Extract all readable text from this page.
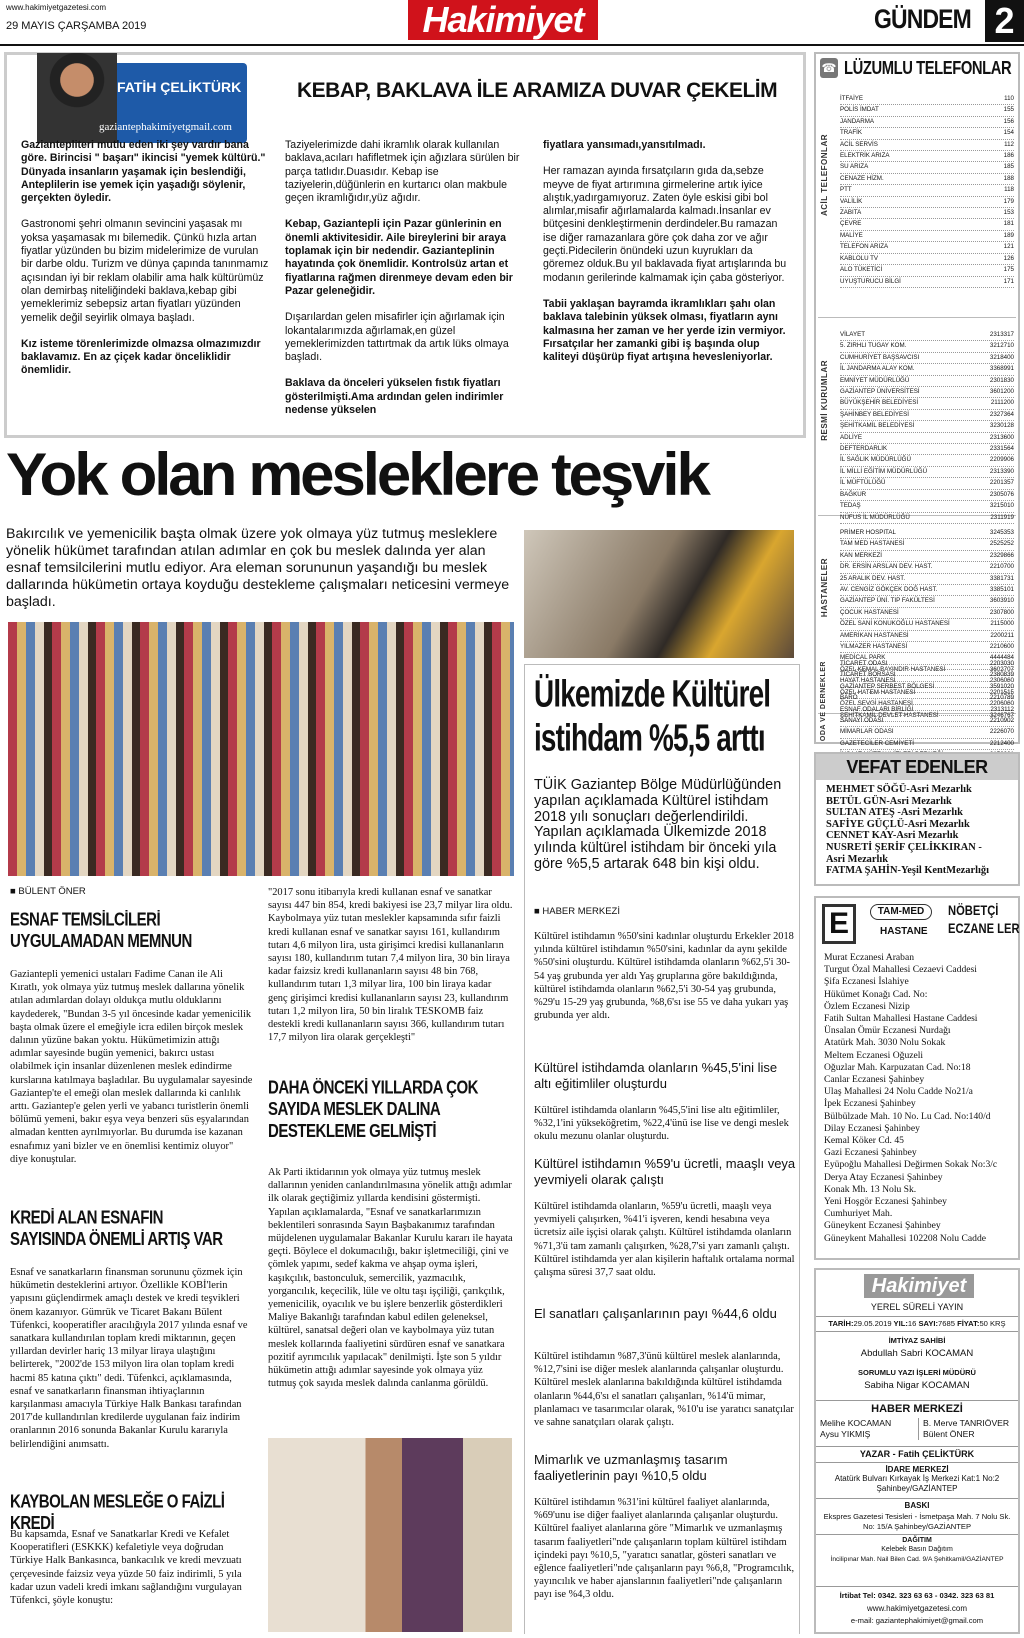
www.hakimiyetgazetesi.com
29 MAYIS ÇARŞAMBA 2019	Hakimiyet	GÜNDEM 2
FATİH ÇELİKTÜRK
gaziantephakimiyetgmail.com
KEBAP, BAKLAVA İLE ARAMIZA DUVAR ÇEKELİM

Gaziantepliteri mutlu eden iki şey vardır bana göre. Birincisi " başarı" ikincisi "yemek kültürü." Dünyada insanların yaşamak için beslendiği, Anteplilerin ise yemek için yaşadığı söylenir, gerçekten öyledir.

Gastronomi şehri olmanın sevincini yaşasak mı yoksa yaşamasak mı bilemedik. Çünkü hızla artan fiyatlar yüzünden bu bizim midelerimize de vurulan bir darbe oldu. Turizm ve dünya çapında tanınmamız açısından iyi bir reklam olabilir ama halk kültürümüz olan demirbaş niteliğindeki baklava,kebap gibi yemeklerimiz sebepsiz artan fiyatları yüzünden yemelik değil seyirlik olmaya başladı.

Kız isteme törenlerimizde olmazsa olmazımızdır baklavamız. En az çiçek kadar öncelikli​dir önemlidir.

Taziyelerimizde dahi ikramlık olarak kullanılan baklava,acıları hafifletmek için ağızlara sürülen bir parça tatlıdır.Duasıdır. Kebap ise taziyelerin,düğünlerin en kurtarıcı olan makbule geçen ikramlığıdır,yüz ağıdır.

Kebap, Gaziantepli için Pazar günlerinin en önemli aktivitesidir. Aile bireylerini bir araya toplamak için bir nedendir. Gaziantepli​nin hayatında çok önemlidir. Kontrolsüz artan et fiyatlarına rağmen direnmeye devam eden bir Pazar geleneğidir.

Dışarılardan gelen misafirler için ağırlamak için lokantalarımızda ağırlamak,en güzel yemeklerimizden tattırtmak da artık lüks olmaya başladı.

Baklava da önceleri yükselen fıstık fiyatları gösterilmişti.Ama ardından gelen indirimler nedense yükselen

fiyatlara yansımadı,yansıtılmadı.

Her ramazan ayında fırsatçıların gıda da,sebze meyve de fiyat artırımına girmelerine artık iyice alıştık,yadırgamıyoruz. Zaten öyle eskisi gibi bol alımlar,misafir ağırlamalarda kalmadı.İnsanlar ev bütçesini denkleştirmenin derdindeler.Bu ramazan ise diğer ramazanlara göre çok daha zor ve ağır geçti.Pidecilerin önündeki uzun kuyrukları da göremez olduk.Bu yıl baklavada fiyat artışlarında bu modanın gerilerinde kalmamak için çaba gösteriyor.

Tabii yaklaşan bayramda ikramlıkları şahı olan baklava talebinin yüksek olması, fiyatların aynı kalmasına her zaman ve her yerde izin vermiyor. Fırsatçılar her zamanki gibi iş başında olup kaliteyi düşürüp fiyat artışına heveslen​iyorlar.

Yok olan mesleklere teşvik
Bakırcılık ve yemenicilik başta olmak üzere yok olmaya yüz tutmuş mesleklere yönelik hükümet tarafından atılan adımlar en çok bu meslek dalında yer alan esnaf temsilcilerini mutlu ediyor. Ara eleman sorununun yaşandığı bu meslek dallarında hükümetin ortaya koyduğu destekleme çalışmaları neticesini vermeye başladı.
■ BÜLENT ÖNER
ESNAF TEMSİLCİLERİ UYGULAMADAN MEMNUN
Gaziantepli yemenici ustaları Fadime Canan ile Ali Kıratlı, yok olmaya yüz tutmuş meslek dallarına yönelik atılan adımlardan dolayı oldukça mutlu olduklarını kaydederek, "Bundan 3-5 yıl öncesinde kadar yemenicilik başta olmak üzere el emeğiyle icra edilen birçok meslek dalının yüzüne bakan yoktu. Hükümetimizin attığı adımlar sayesinde bugün yemenici, bakırcı ustası olabilmek için insanlar düzenlenen meslek edindirme kurslarına katılmaya başladılar. Bu uygulamalar sayesinde Gaziantep'te el emeği olan meslek dallarında ki canlılık arttı. Gaziantep'e gelen yerli ve yabancı turistlerin önemli bölümü yemeni, bakır eşya veya benzeri süs eşyalarından almadan kentten ayrılmıyorlar. Bu durumda ise kazanan esnafımız yani bizler ve en önemlisi kentimiz oluyor" diye konuştular.
KREDİ ALAN ESNAFIN SAYISINDA ÖNEMLİ ARTIŞ VAR
Esnaf ve sanatkarların finansman sorununu çözmek için hükümetin desteklerini artıyor. Özellikle KOBİ'lerin yapısını güçlendirmek amaçlı destek ve kredi teşvikleri önem kazanıyor. Gümrük ve Ticaret Bakanı Bülent Tüfenkci, kooperatifler aracılığıyla 2017 yılında esnaf ve sanatkara kullandırılan toplam kredi miktarının, geçen yıllardan devirler hariç 13 milyar liraya ulaştığını belirterek, "2002'de 153 milyon lira olan toplam kredi hacmi 85 katına çıktı" dedi. Tüfenkci, açıklamasında, esnaf ve sanatkarların finansman ihtiyaçlarının karşılanması amacıyla Türkiye Halk Bankası tarafından 2017'de kullandırılan kredilerde uygulanan faiz indirim oranlarının 2016 sonunda Bakanlar Kurulu kararıyla belirlendiğini anımsattı.
KAYBOLAN MESLEĞE O FAİZLİ KREDİ
Bu kapsamda, Esnaf ve Sanatkarlar Kredi ve Kefalet Kooperatifleri (ESKKK) kefaletiyle veya doğrudan Türkiye Halk Bankasınca, bankacılık ve kredi mevzuatı çerçevesinde faizsiz veya yüzde 50 faiz indirimli, 5 yıla kadar uzun vadeli kredi imkanı sağlandığını vurgulayan Tüfenkci, şöyle konuştu:
"2017 sonu itibarıyla kredi kullanan esnaf ve sanatkar sayısı 447 bin 854, kredi bakiyesi ise 23,7 milyar lira oldu. Kaybolmaya yüz tutan meslekler kapsamında sıfır faizli kredi kullanan esnaf ve sanatkar sayısı 161, kullandırım tutarı 4,6 milyon lira, usta girişimci kredisi kullananların sayısı 180, kullandırım tutarı 7,4 milyon lira, 30 bin liraya kadar faizsiz kredi kullananların sayısı 48 bin 768, kullandırım tutarı 1,3 milyar lira, 100 bin liraya kadar genç girişimci kredisi kullananların sayısı 23, kullandırım tutarı 1,2 milyon lira, 50 bin liralık TESKOMB faiz destekli kredi kullananların sayısı 366, kullandırım tutarı 17,7 milyon lira olarak gerçekleşti"
DAHA ÖNCEKİ YILLARDA ÇOK SAYIDA MESLEK DALINA DESTEKLEME GELMİŞTİ
Ak Parti iktidarının yok olmaya yüz tutmuş meslek dallarının yeniden canlandırılmasına yönelik attığı adımlar ilk olarak geçtiğimiz yıllarda kendisini göstermişti. Yapılan açıklamalarda, "Esnaf ve sanatkarlarımızın beklentileri sonrasında Sayın Başbakanımız tarafından müjdelenen uygulamalar Bakanlar Kurulu kararı ile hayata geçti. Böylece el dokumacılığı, bakır işletmeciliği, çini ve çömlek yapımı, sedef kakma ve ahşap oyma işleri, kaşıkçılık, bastonculuk, semercilik, yazmacılık, yorgancılık, keçecilik, lüle ve oltu taşı işçiliği, çarıkçılık, yemenicilik, oyacılık ve bu işlere benzerlik gösterdikleri Maliye Bakanlığı tarafından kabul edilen geleneksel, kültürel, sanatsal değeri olan ve kaybolmaya yüz tutan meslek kollarında faaliyetini sürdüren esnaf ve sanatkara pozitif ayrımcılık yapılacak" denilmişti. İşte son 5 yıldır hükümetin attığı adımlar sayesinde yok olmaya yüz tutmuş çok sayıda meslek dalında canlanma görüldü.
Ülkemizde Kültürel
istihdam %5,5 arttı
TÜİK Gaziantep Bölge Müdürlüğünden yapılan açıklamada Kültürel istihdam 2018 yılı sonuçları değerlendirildi. Yapılan açıklamada Ülkemizde 2018 yılında kültürel istihdam bir önceki yıla göre %5,5 artarak 648 bin kişi oldu.
■ HABER MERKEZİ
Kültürel istihdamın %50'sini kadınlar oluşturdu Erkekler 2018 yılında kültürel istihdamın %50'sini, kadınlar da aynı şekilde %50'sini oluşturdu. Kültürel istihdamda olanların %62,5'i 30-54 yaş grubunda yer aldı Yaş gruplarına göre bakıldığında, kültürel istihdamda olanların %62,5'i 30-54 yaş grubunda, %29'u 15-29 yaş grubunda, %8,6'sı ise 55 ve daha yukarı yaş grubunda yer aldı.
Kültürel istihdamda olanların %45,5'ini lise altı eğitimliler oluşturdu
Kültürel istihdamda olanların %45,5'ini lise altı eğitimliler, %32,1'ini yükseköğretim, %22,4'ünü ise lise ve dengi meslek okulu mezunu olanlar oluşturdu.
Kültürel istihdamın %59'u ücretli, maaşlı veya yevmiyeli olarak çalıştı
Kültürel istihdamda olanların, %59'u ücretli, maaşlı veya yevmiyeli çalışırken, %41'i işveren, kendi hesabına veya ücretsiz aile işçisi olarak çalıştı. Kültürel istihdamda olanların %71,3'ü tam zamanlı çalışırken, %28,7'si yarı zamanlı çalıştı. Kültürel istihdamda yer alan kişilerin haftalık ortalama normal çalışma süresi 37,7 saat oldu.
El sanatları çalışanlarının payı %44,6 oldu
Kültürel istihdamın %87,3'ünü kültürel meslek alanlarında, %12,7'sini ise diğer meslek alanlarında çalışanlar oluşturdu. Kültürel meslek alanlarına bakıldığında kültürel istihdamda olanların %44,6'sı el sanatları çalışanları, %14'ü mimar, planlamacı ve tasarımcılar olarak, %10'u ise yaratıcı sanatçılar ve sahne sanatçıları olarak çalıştı.
Mimarlık ve uzmanlaşmış tasarım faaliyetlerinin payı %10,5 oldu
Kültürel istihdamın %31'ini kültürel faaliyet alanlarında, %69'unu ise diğer faaliyet alanlarında çalışanlar oluşturdu. Kültürel faaliyet alanlarına göre "Mimarlık ve uzmanlaşmış tasarım faaliyetleri"nde çalışanların toplam kültürel istihdam içindeki payı %10,5, "yaratıcı sanatlar, gösteri sanatları ve eğlence faaliyetleri"nde çalışanların payı %6,8, "Programcılık, yayıncılık ve haber ajanslarının faaliyetleri"nde çalışanların payı ise %4,3 oldu.
☎ LÜZUMLU TELEFONLAR
ACİL TELEFONLAR
İTFAİYE	110
POLİS İMDAT	155
JANDARMA	156
TRAFİK	154
ACİL SERVİS	112
ELEKTRİK ARIZA	186
SU ARIZA	185
CENAZE HİZM.	188
PTT	118
VALİLİK	179
ZABITA	153
ÇEVRE	181
MALİYE	189
TELEFON ARIZA	121
KABLOLU TV	126
ALO TÜKETİCİ	175
UYUŞTURUCU BİLGİ	171
RESMİ KURUMLAR
VİLAYET	2313317
5. ZIRHLI TUGAY KOM.	3212710
CUMHURİYET BAŞSAVCISI	3218400
İL JANDARMA ALAY KOM.	3368991
EMNİYET MÜDÜRLÜĞÜ	2301830
GAZİANTEP ÜNİVERSİTESİ	3601200
BÜYÜKŞEHİR BELEDİYESİ	2111200
ŞAHİNBEY BELEDİYESİ	2327364
ŞEHİTKAMİL BELEDİYESİ	3230128
ADLİYE	2313600
DEFTERDARLIK	2331564
İL SAĞLIK MÜDÜRLÜĞÜ	2209906
İL MİLLİ EĞİTİM MÜDÜRLÜĞÜ	2313390
İL MÜFTÜLÜĞÜ	2201357
BAĞKUR	2305076
TEDAŞ	3215010
NÜFUS İL MÜDÜRLÜĞÜ	2311919
HASTANELER
PRİMER HOSPITAL	3245353
TAM MED HASTANESİ	2525252
KAN MERKEZİ	2329866
DR. ERSİN ARSLAN DEV. HAST.	2210700
25 ARALIK DEV. HAST.	3381731
AV. CENGİZ GÖKÇEK DOĞ HAST.	3385101
GAZİANTEP ÜNİ. TIP FAKÜLTESİ	3603910
ÇOCUK HASTANESİ	2307800
ÖZEL SANİ KONUKOĞLU HASTANESİ	2115000
AMERİKAN HASTANESİ	2200211
YILMAZER HASTANESİ	2210600
MEDİCAL PARK	4444484
ÖZEL KEMAL BAYINDIR HASTANESİ	3602707
HAYAT HASTANESİ	2306060
ÖZEL HATEM HASTANESİ	2201515
ÖZEL SEVGİ HASTANESİ	2206060
ŞEHİTKAMİL DEVLET HASTANESİ	3246767
ODA VE DERNEKLER TİCARET ODASI	2203030
TİCARET BORSASI	2380839
GAZİANTEP SERBEST BÖLGESİ	3591020
BARO	2210789
ESNAF ODALARI BİRLİĞİ	2313112
SANAYİ ODASI	2210902
MİMARLAR ODASI	2226070
GAZETECİLER CEMİYETİ	2212400
VEFAT EDENLER
MEHMET SÖĞÜ-Asri Mezarlık
BETÜL GÜN-Asri Mezarlık
SULTAN ATEŞ -Asri Mezarlık
SAFİYE GÜÇLÜ-Asri Mezarlık
CENNET KAY-Asri Mezarlık
NUSRETİ ŞERİF ÇELİKKIRAN -
Asri Mezarlık
FATMA ŞAHİN-Yeşil KentMezarlığı
E	TAM-MED
HASTANE
NÖBETÇİ
ECZANE LER
Murat Eczanesi Araban
Turgut Özal Mahallesi Cezaevi Caddesi
Şifa Eczanesi İslahiye
Hükümet Konağı Cad. No:
Özlem Eczanesi Nizip
Fatih Sultan Mahallesi Hastane Caddesi
Ünsalan Ömür Eczanesi Nurdağı
Atatürk Mah. 3030 Nolu Sokak
Meltem Eczanesi Oğuzeli
Oğuzlar Mah. Karpuzatan Cad. No:18
Canlar Eczanesi Şahinbey
Ulaş Mahallesi 24 Nolu Cadde No21/a
İpek Eczanesi Şahinbey
Bülbülzade Mah. 10 No. Lu Cad. No:140/d
Dilay Eczanesi Şahinbey
Kemal Köker Cd. 45
Gazi Eczanesi Şahinbey
Eyüpoğlu Mahallesi Değirmen Sokak No:3/c
Derya Atay Eczanesi Şahinbey
Konak Mh. 13 Nolu Sk.
Yeni Hoşgör Eczanesi Şahinbey
Cumhuriyet Mah.
Güneykent Eczanesi Şahinbey
Güneykent Mahallesi 102208 Nolu Cadde
Hakimiyet
YEREL SÜRELİ YAYIN
TARİH:29.05.2019 YIL:16 SAYI:7685 FİYAT:50 KRŞ
İMTİYAZ SAHİBİ
Abdullah Sabri KOCAMAN
SORUMLU YAZI İŞLERİ MÜDÜRÜ
Sabiha Nigar KOCAMAN
HABER MERKEZİ
Melihe KOCAMAN
Aysu YIKMIŞ
B. Merve TANRIÖVER
Bülent ÖNER
YAZAR - Fatih ÇELİKTÜRK
İDARE MERKEZİ
Atatürk Bulvarı Kırkayak İş Merkezi Kat:1 No:2 Şahinbey/GAZİANTEP
BASKI
Ekspres Gazetesi Tesisleri - İsmetpaşa Mah. 7 Nolu Sk. No: 15/A Şahinbey/GAZİANTEP
DAĞITIM
Kelebek Basın Dağıtım
İncilipınar Mah. Nail Bilen Cad. 9/A Şehitkamil/GAZİANTEP
İrtibat Tel: 0342. 323 63 63 - 0342. 323 63 81
www.hakimiyetgazetesi.com
e-mail: gaziantephakimiyet@gmail.com
